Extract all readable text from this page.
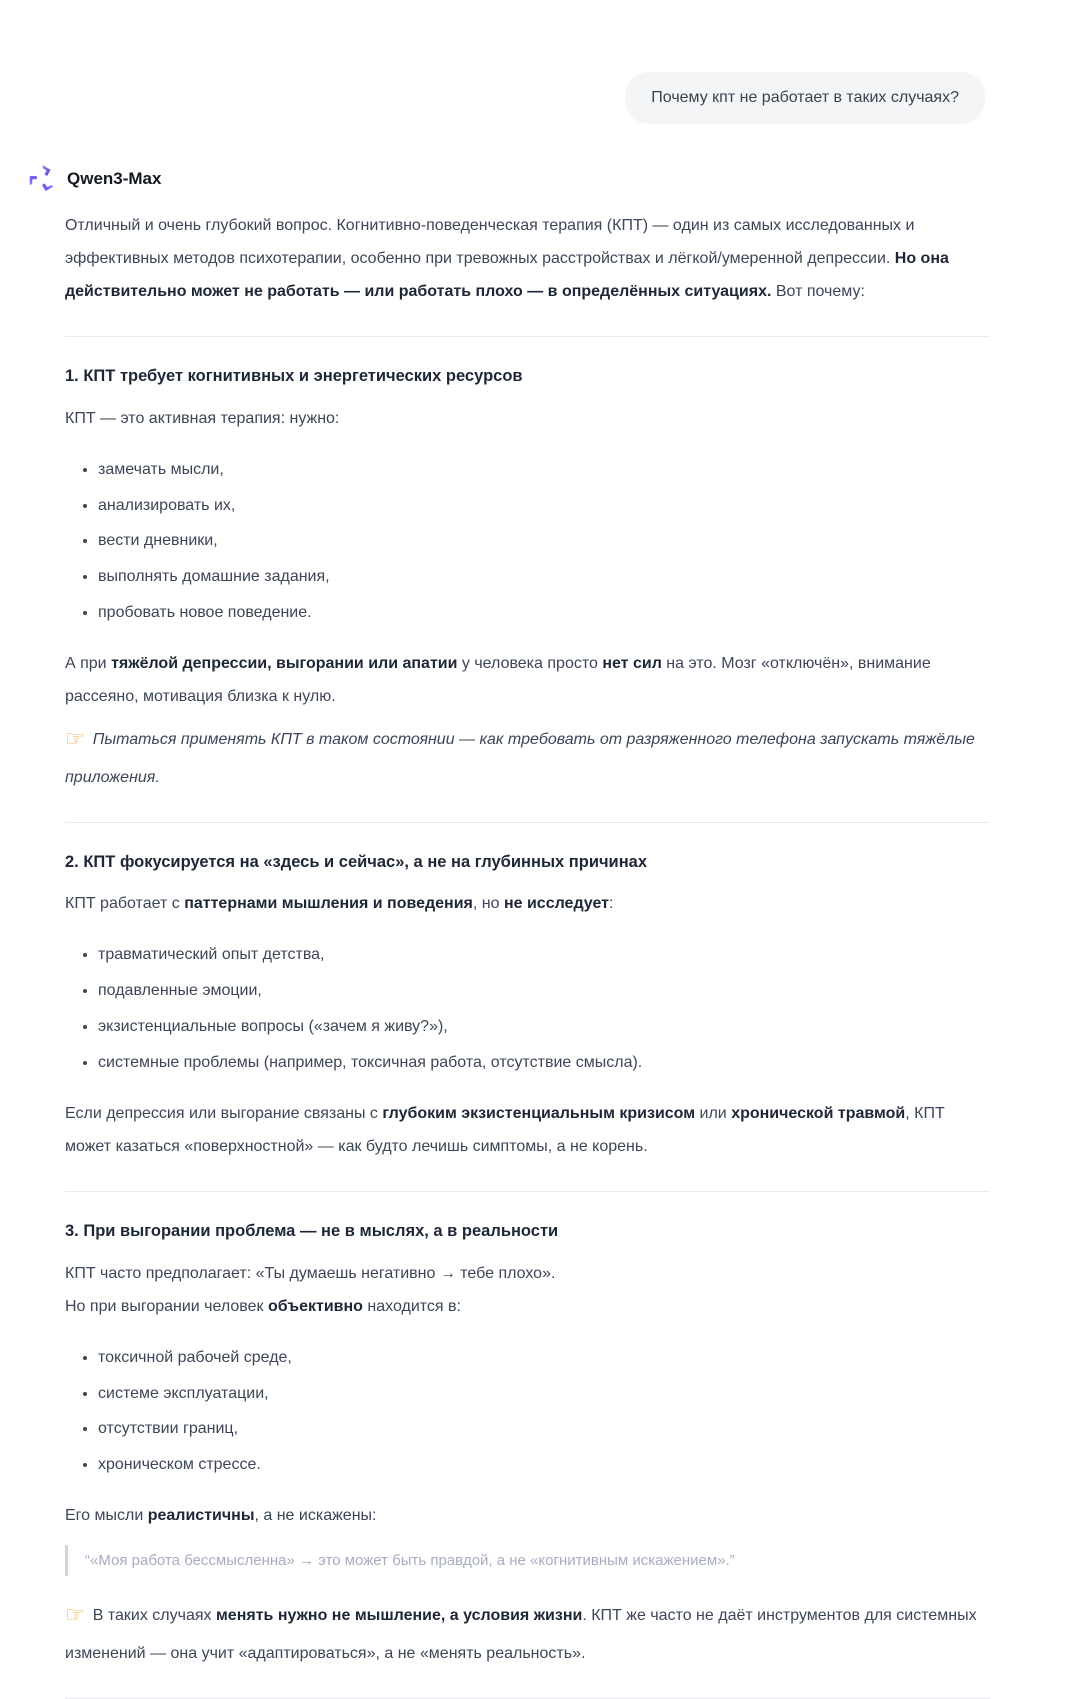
Почему кпт не работает в таких случаях?
Qwen3-Max

Отличный и очень глубокий вопрос. Когнитивно-поведенческая терапия (КПТ) — один из самых исследованных и эффективных методов психотерапии, особенно при тревожных расстройствах и лёгкой/умеренной депрессии. Но она действительно может не работать — или работать плохо — в определённых ситуациях. Вот почему:

1. КПТ требует когнитивных и энергетических ресурсов

КПТ — это активная терапия: нужно:

• замечать мысли,
• анализировать их,
• вести дневники,
• выполнять домашние задания,
• пробовать новое поведение.

А при тяжёлой депрессии, выгорании или апатии у человека просто нет сил на это. Мозг «отключён», внимание рассеяно, мотивация близка к нулю.

☞ Пытаться применять КПТ в таком состоянии — как требовать от разряженного телефона запускать тяжёлые приложения.

2. КПТ фокусируется на «здесь и сейчас», а не на глубинных причинах

КПТ работает с паттернами мышления и поведения, но не исследует:

• травматический опыт детства,
• подавленные эмоции,
• экзистенциальные вопросы («зачем я живу?»),
• системные проблемы (например, токсичная работа, отсутствие смысла).

Если депрессия или выгорание связаны с глубоким экзистенциальным кризисом или хронической травмой, КПТ может казаться «поверхностной» — как будто лечишь симптомы, а не корень.

3. При выгорании проблема — не в мыслях, а в реальности

КПТ часто предполагает: «Ты думаешь негативно → тебе плохо».
Но при выгорании человек объективно находится в:

• токсичной рабочей среде,
• системе эксплуатации,
• отсутствии границ,
• хроническом стрессе.

Его мысли реалистичны, а не искажены:

“«Моя работа бессмысленна» → это может быть правдой, а не «когнитивным искажением».”

☞ В таких случаях менять нужно не мышление, а условия жизни. КПТ же часто не даёт инструментов для системных изменений — она учит «адаптироваться», а не «менять реальность».
